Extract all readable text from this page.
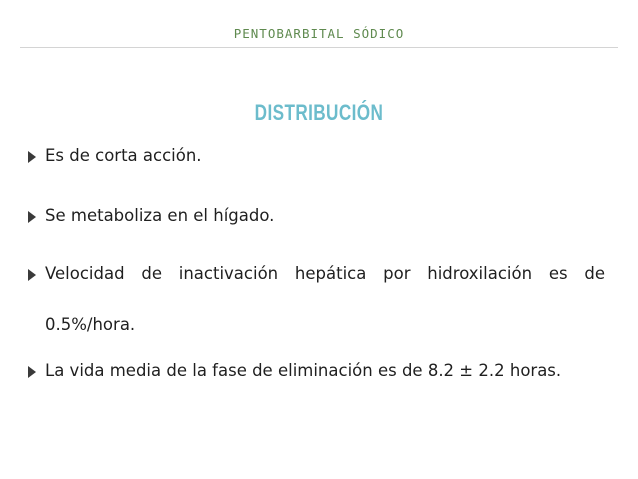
PENTOBARBITAL SÓDICO
DISTRIBUCIÓN
Es de corta acción.
Se metaboliza en el hígado.
Velocidad de inactivación hepática por hidroxilación es de 0.5%/hora.
La vida media de la fase de eliminación es de 8.2 ± 2.2 horas.
